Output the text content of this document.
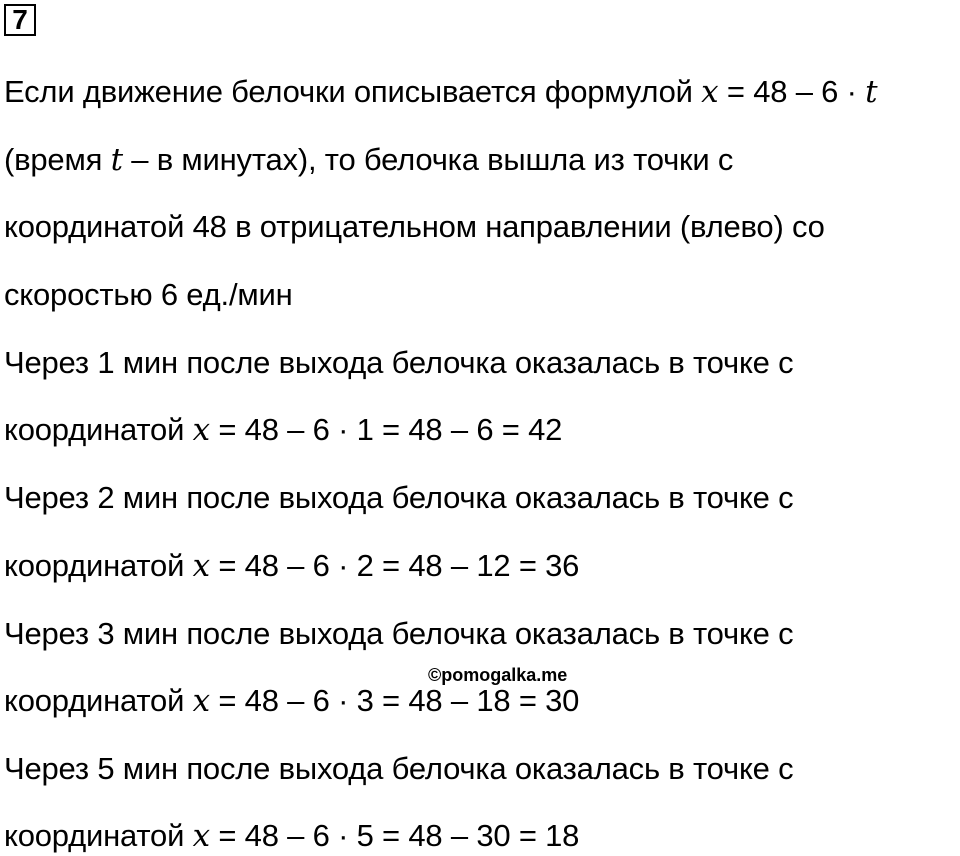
7
Если движение белочки описывается формулой x = 48 – 6 · t
(время t – в минутах), то белочка вышла из точки с
координатой 48 в отрицательном направлении (влево) со
скоростью 6 ед./мин
Через 1 мин после выхода белочка оказалась в точке с
координатой x = 48 – 6 · 1 = 48 – 6 = 42
Через 2 мин после выхода белочка оказалась в точке с
координатой x = 48 – 6 · 2 = 48 – 12 = 36
Через 3 мин после выхода белочка оказалась в точке с
©pomogalka.me
координатой x = 48 – 6 · 3 = 48 – 18 = 30
Через 5 мин после выхода белочка оказалась в точке с
координатой x = 48 – 6 · 5 = 48 – 30 = 18
